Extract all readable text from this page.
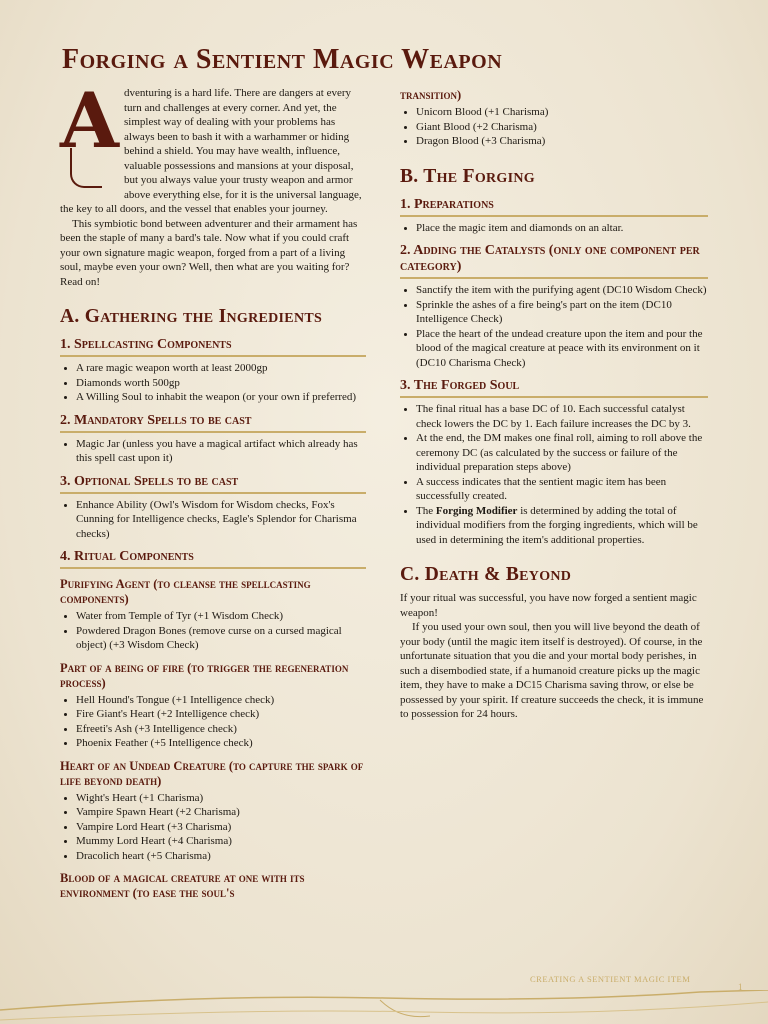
Forging a Sentient Magic Weapon

Adventuring is a hard life. There are dangers at every turn and challenges at every corner. And yet, the simplest way of dealing with your problems has always been to bash it with a warhammer or hiding behind a shield. You may have wealth, influence, valuable possessions and mansions at your disposal, but you always value your trusty weapon and armor above everything else, for it is the universal language, the key to all doors, and the vessel that enables your journey.

This symbiotic bond between adventurer and their armament has been the staple of many a bard's tale. Now what if you could craft your own signature magic weapon, forged from a part of a living soul, maybe even your own? Well, then what are you waiting for? Read on!

A. Gathering the Ingredients
1. Spellcasting Components
• A rare magic weapon worth at least 2000gp
• Diamonds worth 500gp
• A Willing Soul to inhabit the weapon (or your own if preferred)
2. Mandatory Spells to be cast
• Magic Jar (unless you have a magical artifact which already has this spell cast upon it)
3. Optional Spells to be cast
• Enhance Ability (Owl's Wisdom for Wisdom checks, Fox's Cunning for Intelligence checks, Eagle's Splendor for Charisma checks)
4. Ritual Components
Purifying Agent (to cleanse the spellcasting components)
• Water from Temple of Tyr (+1 Wisdom Check)
• Powdered Dragon Bones (remove curse on a cursed magical object) (+3 Wisdom Check)
Part of a being of fire (to trigger the regeneration process)
• Hell Hound's Tongue (+1 Intelligence check)
• Fire Giant's Heart (+2 Intelligence check)
• Efreeti's Ash (+3 Intelligence check)
• Phoenix Feather (+5 Intelligence check)
Heart of an Undead Creature (to capture the spark of life beyond death)
• Wight's Heart (+1 Charisma)
• Vampire Spawn Heart (+2 Charisma)
• Vampire Lord Heart (+3 Charisma)
• Mummy Lord Heart (+4 Charisma)
• Dracolich heart (+5 Charisma)
Blood of a magical creature at one with its environment (to ease the soul's
transition)
• Unicorn Blood (+1 Charisma)
• Giant Blood (+2 Charisma)
• Dragon Blood (+3 Charisma)
B. The Forging
1. Preparations
• Place the magic item and diamonds on an altar.
2. Adding the Catalysts (only one component per category)
• Sanctify the item with the purifying agent (DC10 Wisdom Check)
• Sprinkle the ashes of a fire being's part on the item (DC10 Intelligence Check)
• Place the heart of the undead creature upon the item and pour the blood of the magical creature at peace with its environment on it (DC10 Charisma Check)
3. The Forged Soul
• The final ritual has a base DC of 10. Each successful catalyst check lowers the DC by 1. Each failure increases the DC by 3.
• At the end, the DM makes one final roll, aiming to roll above the ceremony DC (as calculated by the success or failure of the individual preparation steps above)
• A success indicates that the sentient magic item has been successfully created.
• The Forging Modifier is determined by adding the total of individual modifiers from the forging ingredients, which will be used in determining the item's additional properties.
C. Death & Beyond

If your ritual was successful, you have now forged a sentient magic weapon!

If you used your own soul, then you will live beyond the death of your body (until the magic item itself is destroyed). Of course, in the unfortunate situation that you die and your mortal body perishes, in such a disembodied state, if a humanoid creature picks up the magic item, they have to make a DC15 Charisma saving throw, or else be possessed by your spirit. If creature succeeds the check, it is immune to possession for 24 hours.

CREATING A SENTIENT MAGIC ITEM
1
